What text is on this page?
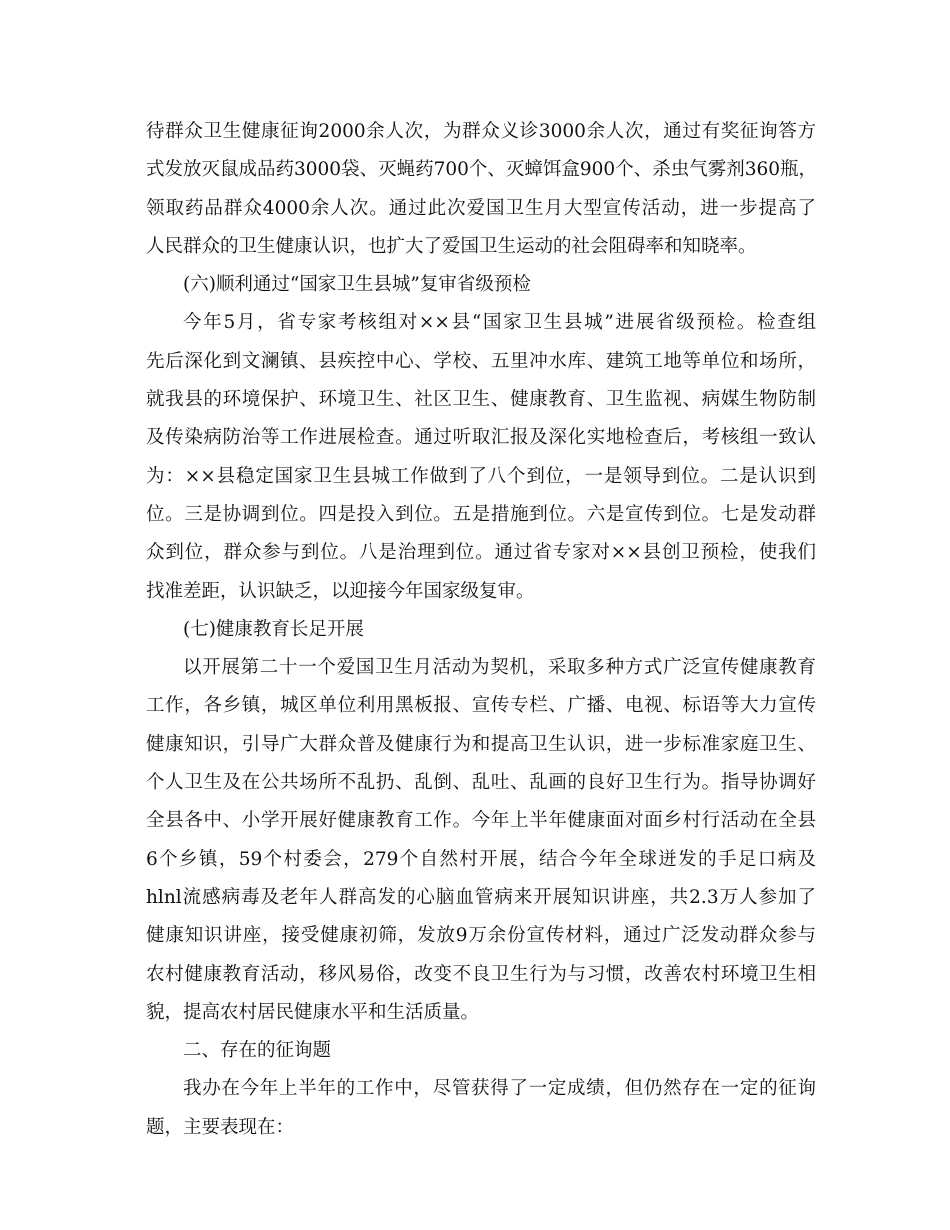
待群众卫生健康征询2000余人次，为群众义诊3000余人次，通过有奖征询答方
式发放灭鼠成品药3000袋、灭蝇药700个、灭蟑饵盒900个、杀虫气雾剂360瓶，
领取药品群众4000余人次。通过此次爱国卫生月大型宣传活动，进一步提高了
人民群众的卫生健康认识，也扩大了爱国卫生运动的社会阻碍率和知晓率。
(六)顺利通过“国家卫生县城”复审省级预检
今年5月，省专家考核组对××县“国家卫生县城”进展省级预检。检查组
先后深化到文澜镇、县疾控中心、学校、五里冲水库、建筑工地等单位和场所，
就我县的环境保护、环境卫生、社区卫生、健康教育、卫生监视、病媒生物防制
及传染病防治等工作进展检查。通过听取汇报及深化实地检查后，考核组一致认
为：××县稳定国家卫生县城工作做到了八个到位，一是领导到位。二是认识到
位。三是协调到位。四是投入到位。五是措施到位。六是宣传到位。七是发动群
众到位，群众参与到位。八是治理到位。通过省专家对××县创卫预检，使我们
找准差距，认识缺乏，以迎接今年国家级复审。
(七)健康教育长足开展
以开展第二十一个爱国卫生月活动为契机，采取多种方式广泛宣传健康教育
工作，各乡镇，城区单位利用黑板报、宣传专栏、广播、电视、标语等大力宣传
健康知识，引导广大群众普及健康行为和提高卫生认识，进一步标准家庭卫生、
个人卫生及在公共场所不乱扔、乱倒、乱吐、乱画的良好卫生行为。指导协调好
全县各中、小学开展好健康教育工作。今年上半年健康面对面乡村行活动在全县
6个乡镇，59个村委会，279个自然村开展，结合今年全球迸发的手足口病及
hlnl流感病毒及老年人群高发的心脑血管病来开展知识讲座，共2.3万人参加了
健康知识讲座，接受健康初筛，发放9万余份宣传材料，通过广泛发动群众参与
农村健康教育活动，移风易俗，改变不良卫生行为与习惯，改善农村环境卫生相
貌，提高农村居民健康水平和生活质量。
二、存在的征询题
我办在今年上半年的工作中，尽管获得了一定成绩，但仍然存在一定的征询
题，主要表现在：
